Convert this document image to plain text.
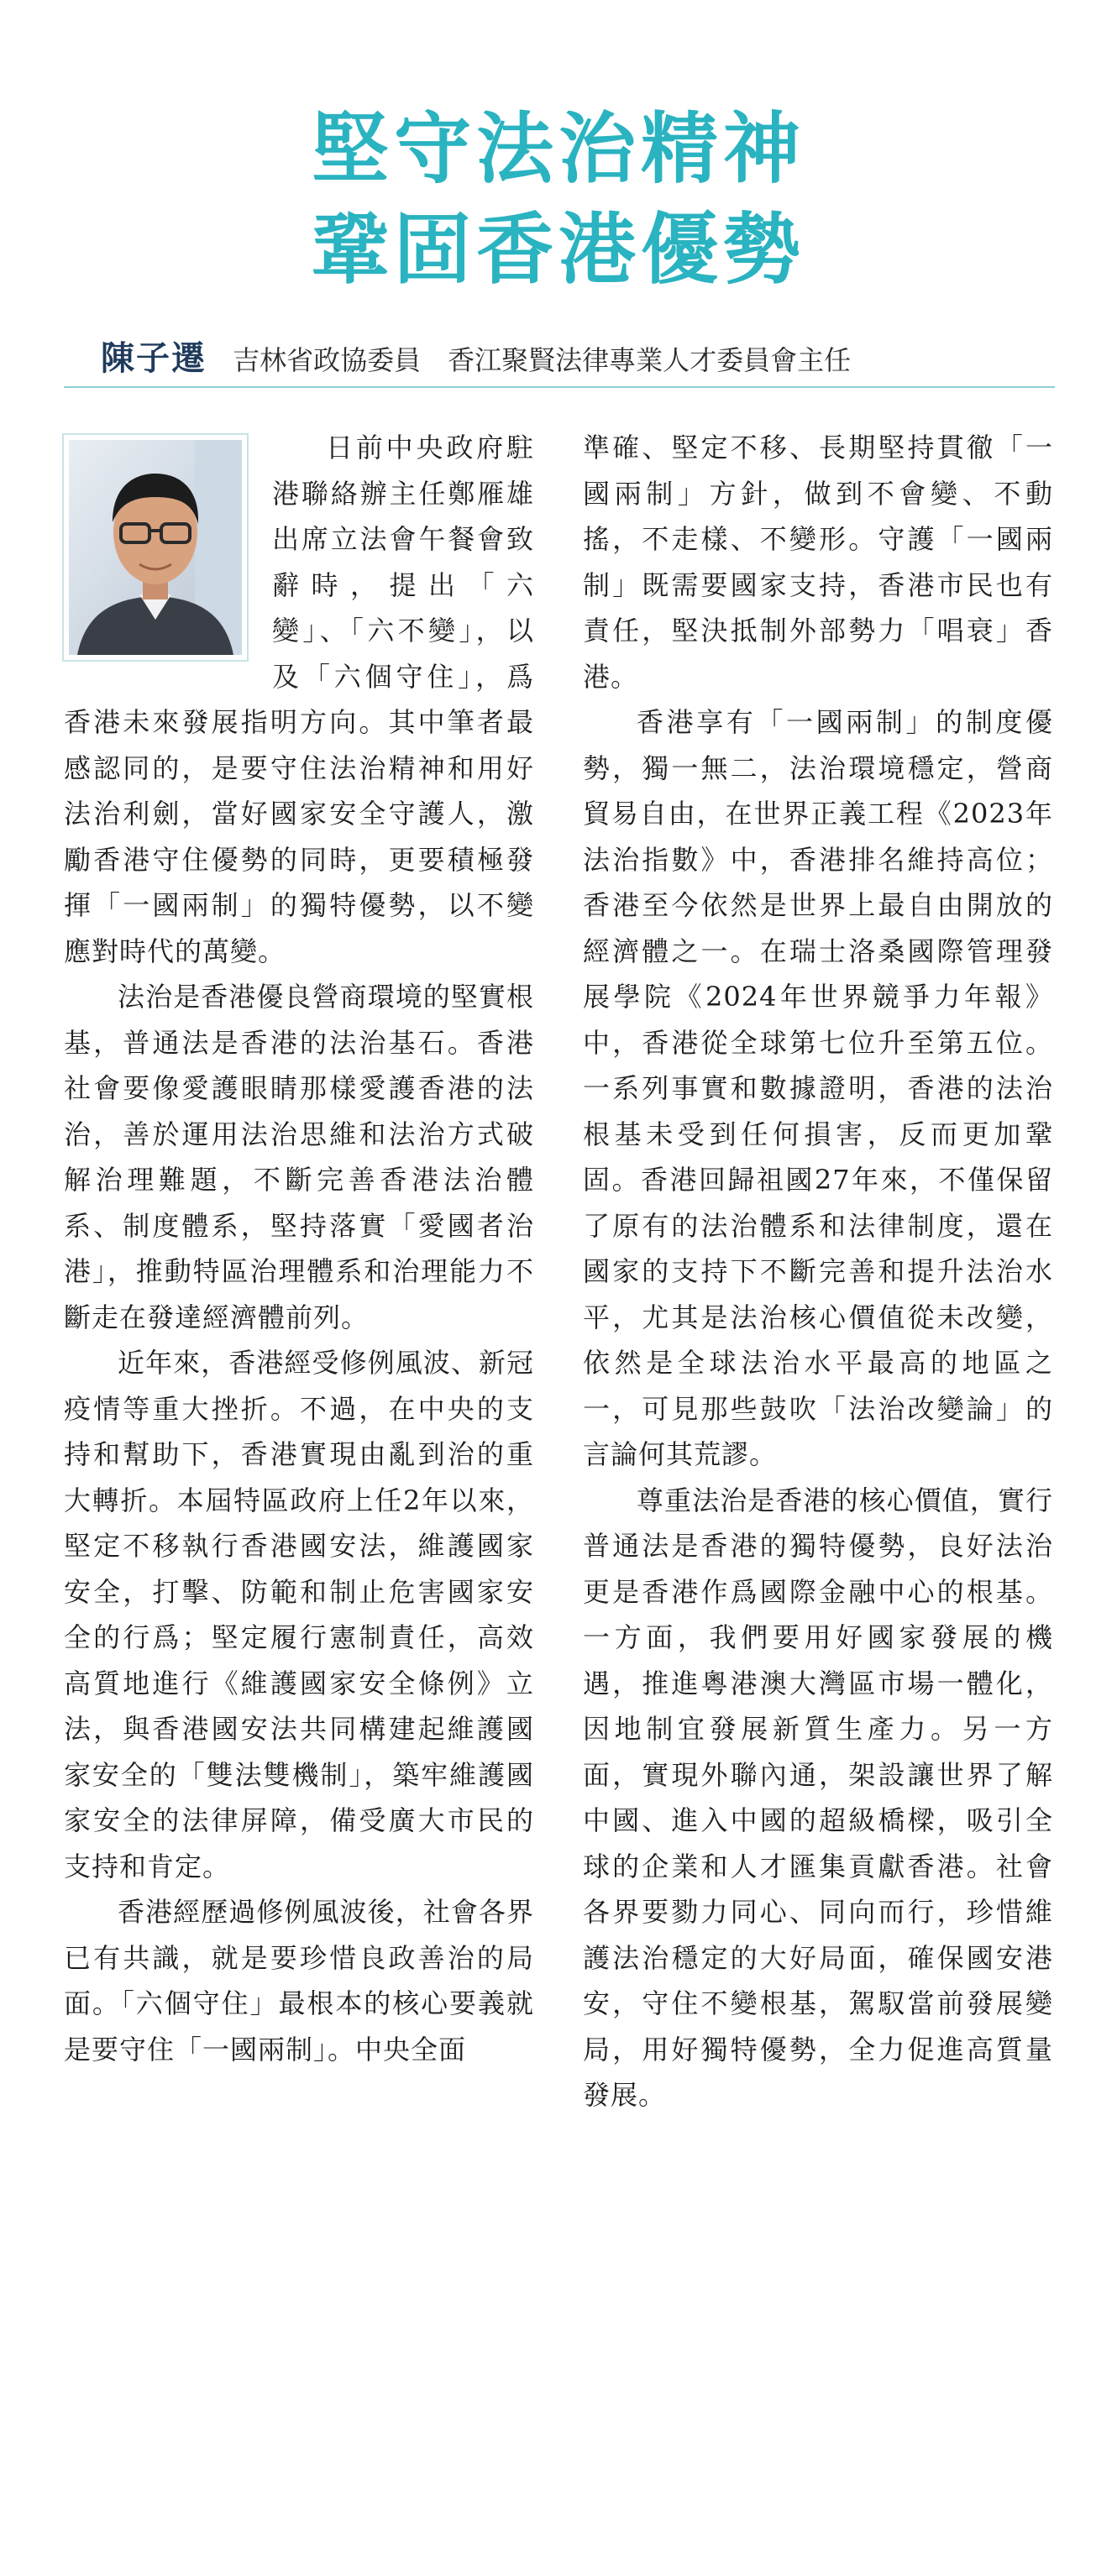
堅守法治精神
鞏固香港優勢
陳子遷 吉林省政協委員　香江聚賢法律專業人才委員會主任

日前中央政府駐港聯絡辦主任鄭雁雄出席立法會午餐會致辭時，提出「六變」、「六不變」，以及「六個守住」，爲香港未來發展指明方向。其中筆者最感認同的，是要守住法治精神和用好法治利劍，當好國家安全守護人，激勵香港守住優勢的同時，更要積極發揮「一國兩制」的獨特優勢，以不變應對時代的萬變。

法治是香港優良營商環境的堅實根基，普通法是香港的法治基石。香港社會要像愛護眼睛那樣愛護香港的法治，善於運用法治思維和法治方式破解治理難題，不斷完善香港法治體系、制度體系，堅持落實「愛國者治港」，推動特區治理體系和治理能力不斷走在發達經濟體前列。

近年來，香港經受修例風波、新冠疫情等重大挫折。不過，在中央的支持和幫助下，香港實現由亂到治的重大轉折。本屆特區政府上任2年以來，堅定不移執行香港國安法，維護國家安全，打擊、防範和制止危害國家安全的行爲；堅定履行憲制責任，高效高質地進行《維護國家安全條例》立法，與香港國安法共同構建起維護國家安全的「雙法雙機制」，築牢維護國家安全的法律屏障，備受廣大市民的支持和肯定。

香港經歷過修例風波後，社會各界已有共識，就是要珍惜良政善治的局面。「六個守住」最根本的核心要義就是要守住「一國兩制」。中央全面

準確、堅定不移、長期堅持貫徹「一國兩制」方針，做到不會變、不動搖，不走樣、不變形。守護「一國兩制」既需要國家支持，香港市民也有責任，堅決抵制外部勢力「唱衰」香港。

香港享有「一國兩制」的制度優勢，獨一無二，法治環境穩定，營商貿易自由，在世界正義工程《2023年法治指數》中，香港排名維持高位；香港至今依然是世界上最自由開放的經濟體之一。在瑞士洛桑國際管理發展學院《2024年世界競爭力年報》中，香港從全球第七位升至第五位。一系列事實和數據證明，香港的法治根基未受到任何損害，反而更加鞏固。香港回歸祖國27年來，不僅保留了原有的法治體系和法律制度，還在國家的支持下不斷完善和提升法治水平，尤其是法治核心價值從未改變，依然是全球法治水平最高的地區之一，可見那些鼓吹「法治改變論」的言論何其荒謬。

尊重法治是香港的核心價值，實行普通法是香港的獨特優勢，良好法治更是香港作爲國際金融中心的根基。一方面，我們要用好國家發展的機遇，推進粵港澳大灣區市場一體化，因地制宜發展新質生產力。另一方面，實現外聯內通，架設讓世界了解中國、進入中國的超級橋樑，吸引全球的企業和人才匯集貢獻香港。社會各界要勠力同心、同向而行，珍惜維護法治穩定的大好局面，確保國安港安，守住不變根基，駕馭當前發展變局，用好獨特優勢，全力促進高質量發展。
